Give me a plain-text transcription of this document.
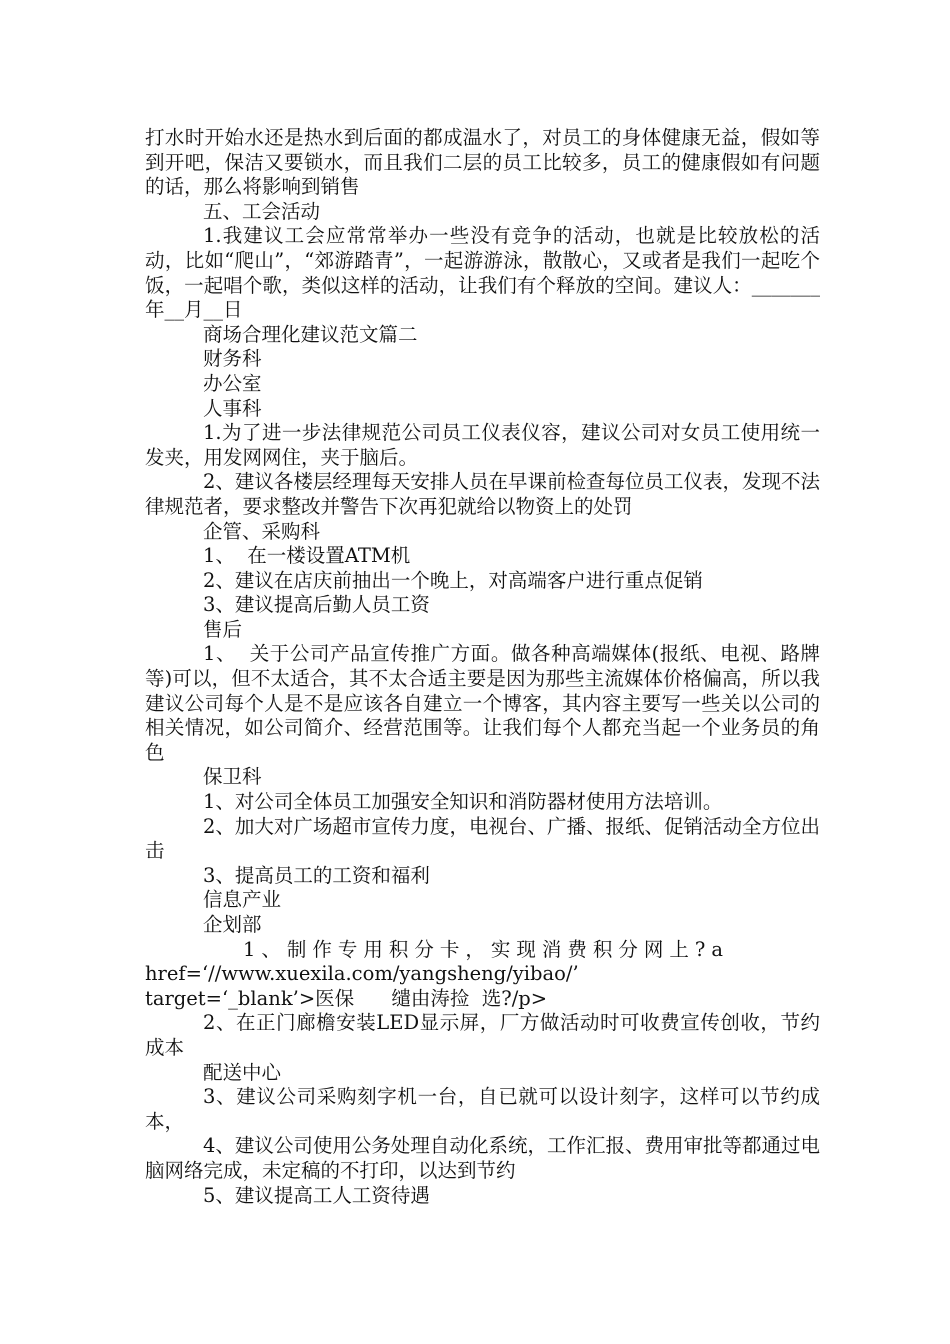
打水时开始水还是热水到后面的都成温水了，对员工的身体健康无益，假如等到开吧，保洁又要锁水，而且我们二层的员工比较多，员工的健康假如有问题的话，那么将影响到销售

五、工会活动

1.我建议工会应常常举办一些没有竞争的活动，也就是比较放松的活动，比如“爬山”，“郊游踏青”，一起游游泳，散散心，又或者是我们一起吃个饭，一起唱个歌，类似这样的活动，让我们有个释放的空间。建议人：_______年__月__日

商场合理化建议范文篇二

财务科

办公室

人事科

1.为了进一步法律规范公司员工仪表仪容，建议公司对女员工使用统一发夹，用发网网住，夹于脑后。

2、建议各楼层经理每天安排人员在早课前检查每位员工仪表，发现不法律规范者，要求整改并警告下次再犯就给以物资上的处罚

企管、采购科

1、  在一楼设置ATM机

2、建议在店庆前抽出一个晚上，对高端客户进行重点促销

3、建议提高后勤人员工资

售后

1、  关于公司产品宣传推广方面。做各种高端媒体(报纸、电视、路牌等)可以，但不太适合，其不太合适主要是因为那些主流媒体价格偏高，所以我建议公司每个人是不是应该各自建立一个博客，其内容主要写一些关以公司的相关情况，如公司简介、经营范围等。让我们每个人都充当起一个业务员的角色

保卫科

1、对公司全体员工加强安全知识和消防器材使用方法培训。

2、加大对广场超市宣传力度，电视台、广播、报纸、促销活动全方位出击

3、提高员工的工资和福利

信息产业

企划部

1、制作专用积分卡，实现消费积分网上?a

href=‘//www.xuexila.com/yangsheng/yibao/’

target=‘_blank’>医保      缱由涛捡  选?/p>

2、在正门廊檐安装LED显示屏，厂方做活动时可收费宣传创收，节约成本

配送中心

3、建议公司采购刻字机一台，自已就可以设计刻字，这样可以节约成本，

4、建议公司使用公务处理自动化系统，工作汇报、费用审批等都通过电脑网络完成，未定稿的不打印，以达到节约

5、建议提高工人工资待遇
